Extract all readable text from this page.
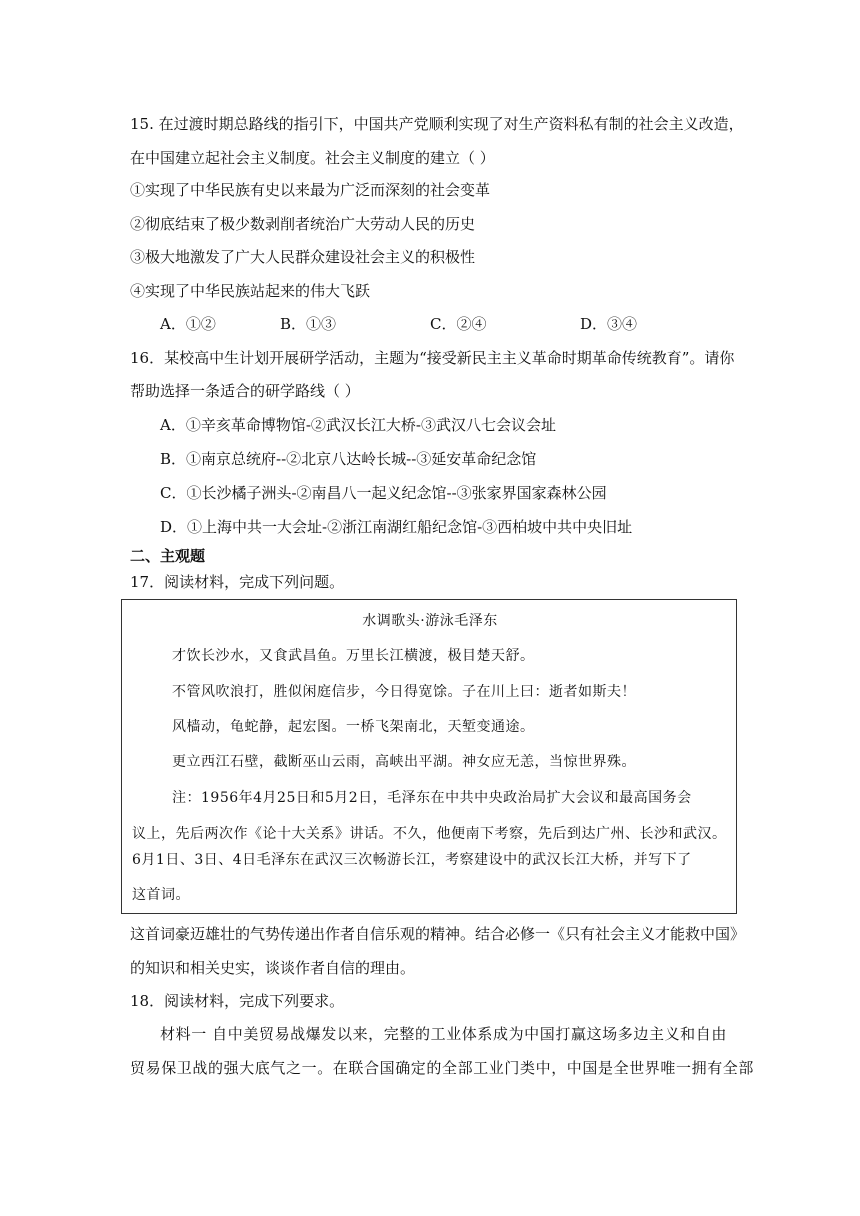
15. 在过渡时期总路线的指引下，中国共产党顺利实现了对生产资料私有制的社会主义改造，
在中国建立起社会主义制度。社会主义制度的建立（ ）
①实现了中华民族有史以来最为广泛而深刻的社会变革
②彻底结束了极少数剥削者统治广大劳动人民的历史
③极大地激发了广大人民群众建设社会主义的积极性
④实现了中华民族站起来的伟大飞跃
A．①②	B．①③	C．②④	D．③④
16．某校高中生计划开展研学活动，主题为“接受新民主主义革命时期革命传统教育”。请你
帮助选择一条适合的研学路线（ ）
A．①辛亥革命博物馆-②武汉长江大桥-③武汉八七会议会址
B．①南京总统府--②北京八达岭长城--③延安革命纪念馆
C．①长沙橘子洲头-②南昌八一起义纪念馆--③张家界国家森林公园
D．①上海中共一大会址-②浙江南湖红船纪念馆-③西柏坡中共中央旧址
二、主观题
17．阅读材料，完成下列问题。
水调歌头·游泳毛泽东
才饮长沙水，又食武昌鱼。万里长江横渡，极目楚天舒。
不管风吹浪打，胜似闲庭信步，今日得宽馀。子在川上曰：逝者如斯夫！
风樯动，龟蛇静，起宏图。一桥飞架南北，天堑变通途。
更立西江石壁，截断巫山云雨，高峡出平湖。神女应无恙，当惊世界殊。
注：1956年4月25日和5月2日，毛泽东在中共中央政治局扩大会议和最高国务会
议上，先后两次作《论十大关系》讲话。不久，他便南下考察，先后到达广州、长沙和武汉。
6月1日、3日、4日毛泽东在武汉三次畅游长江，考察建设中的武汉长江大桥，并写下了
这首词。
这首词豪迈雄壮的气势传递出作者自信乐观的精神。结合必修一《只有社会主义才能救中国》
的知识和相关史实，谈谈作者自信的理由。
18．阅读材料，完成下列要求。
材料一 自中美贸易战爆发以来，完整的工业体系成为中国打赢这场多边主义和自由
贸易保卫战的强大底气之一。在联合国确定的全部工业门类中，中国是全世界唯一拥有全部
